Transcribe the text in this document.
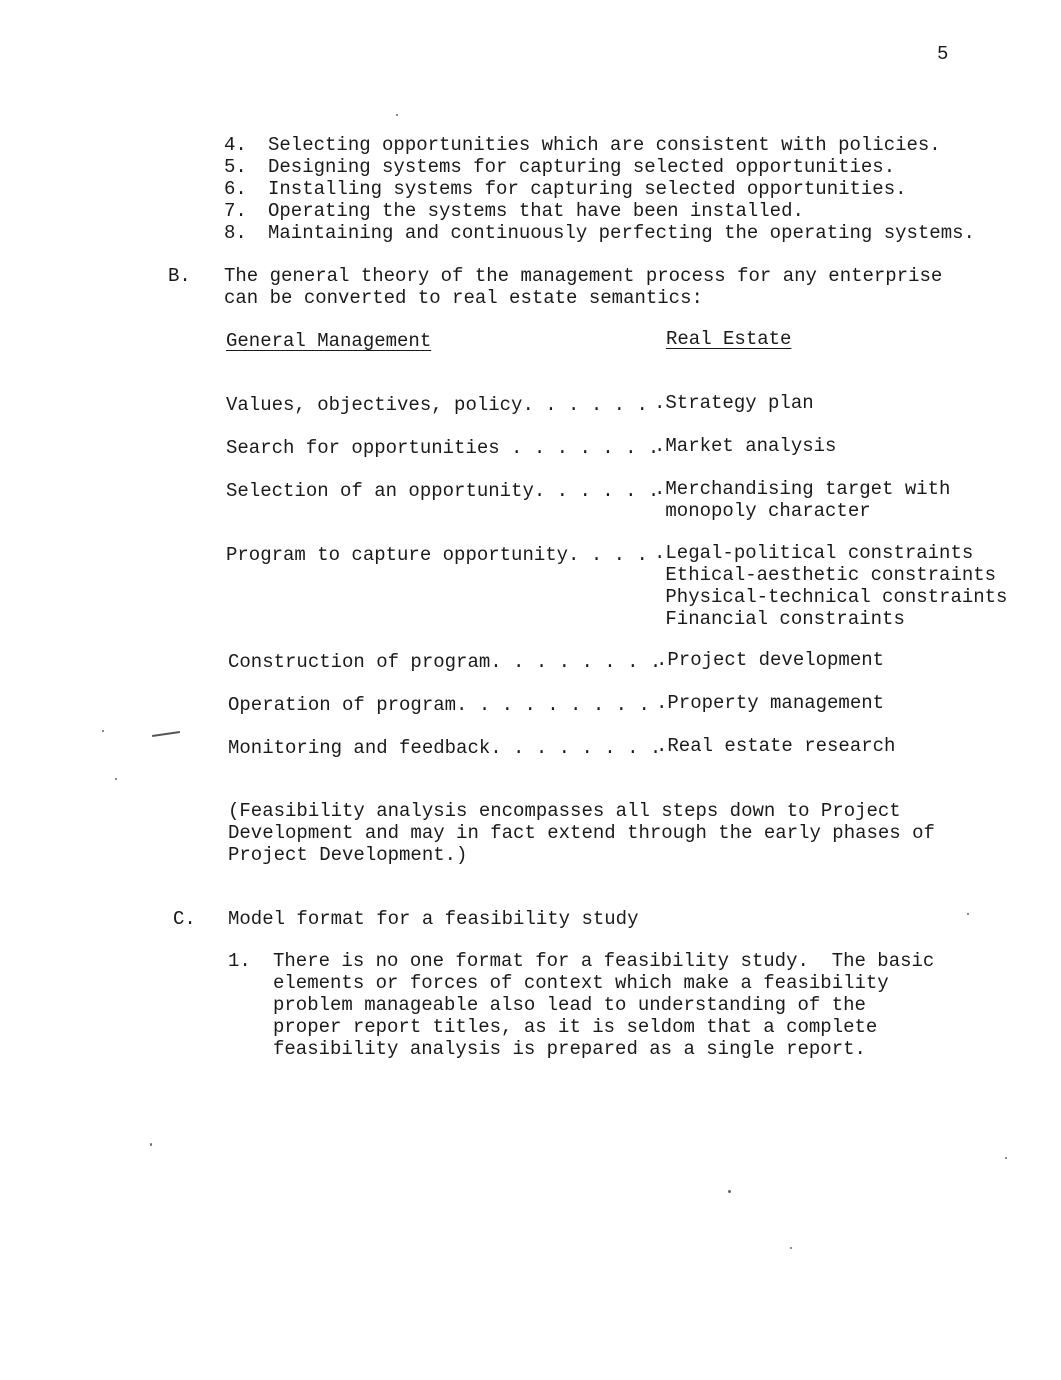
5
4.	Selecting opportunities which are consistent with policies.
5.	Designing systems for capturing selected opportunities.
6.	Installing systems for capturing selected opportunities.
7.	Operating the systems that have been installed.
8.	Maintaining and continuously perfecting the operating systems.
B. The general theory of the management process for any enterprise
can be converted to real estate semantics:
General Management	Real Estate
Values, objectives, policy. . . . . . .Strategy plan
Search for opportunities . . . . . . .
.Market analysis
Selection of an opportunity. . . . . .
.Merchandising target with
monopoly character
Program to capture opportunity. . . . .Legal-political constraints
Ethical-aesthetic constraints
Physical-technical constraints
Financial constraints
Construction of program. . . . . . . .
.Project development
Operation of program. . . . . . . . . .Property management
Monitoring and feedback. . . . . . . .
.Real estate research
(Feasibility analysis encompasses all steps down to Project
Development and may in fact extend through the early phases of
Project Development.)
C. Model format for a feasibility study
1. There is no one format for a feasibility study.  The basic
elements or forces of context which make a feasibility
problem manageable also lead to understanding of the
proper report titles, as it is seldom that a complete
feasibility analysis is prepared as a single report.
